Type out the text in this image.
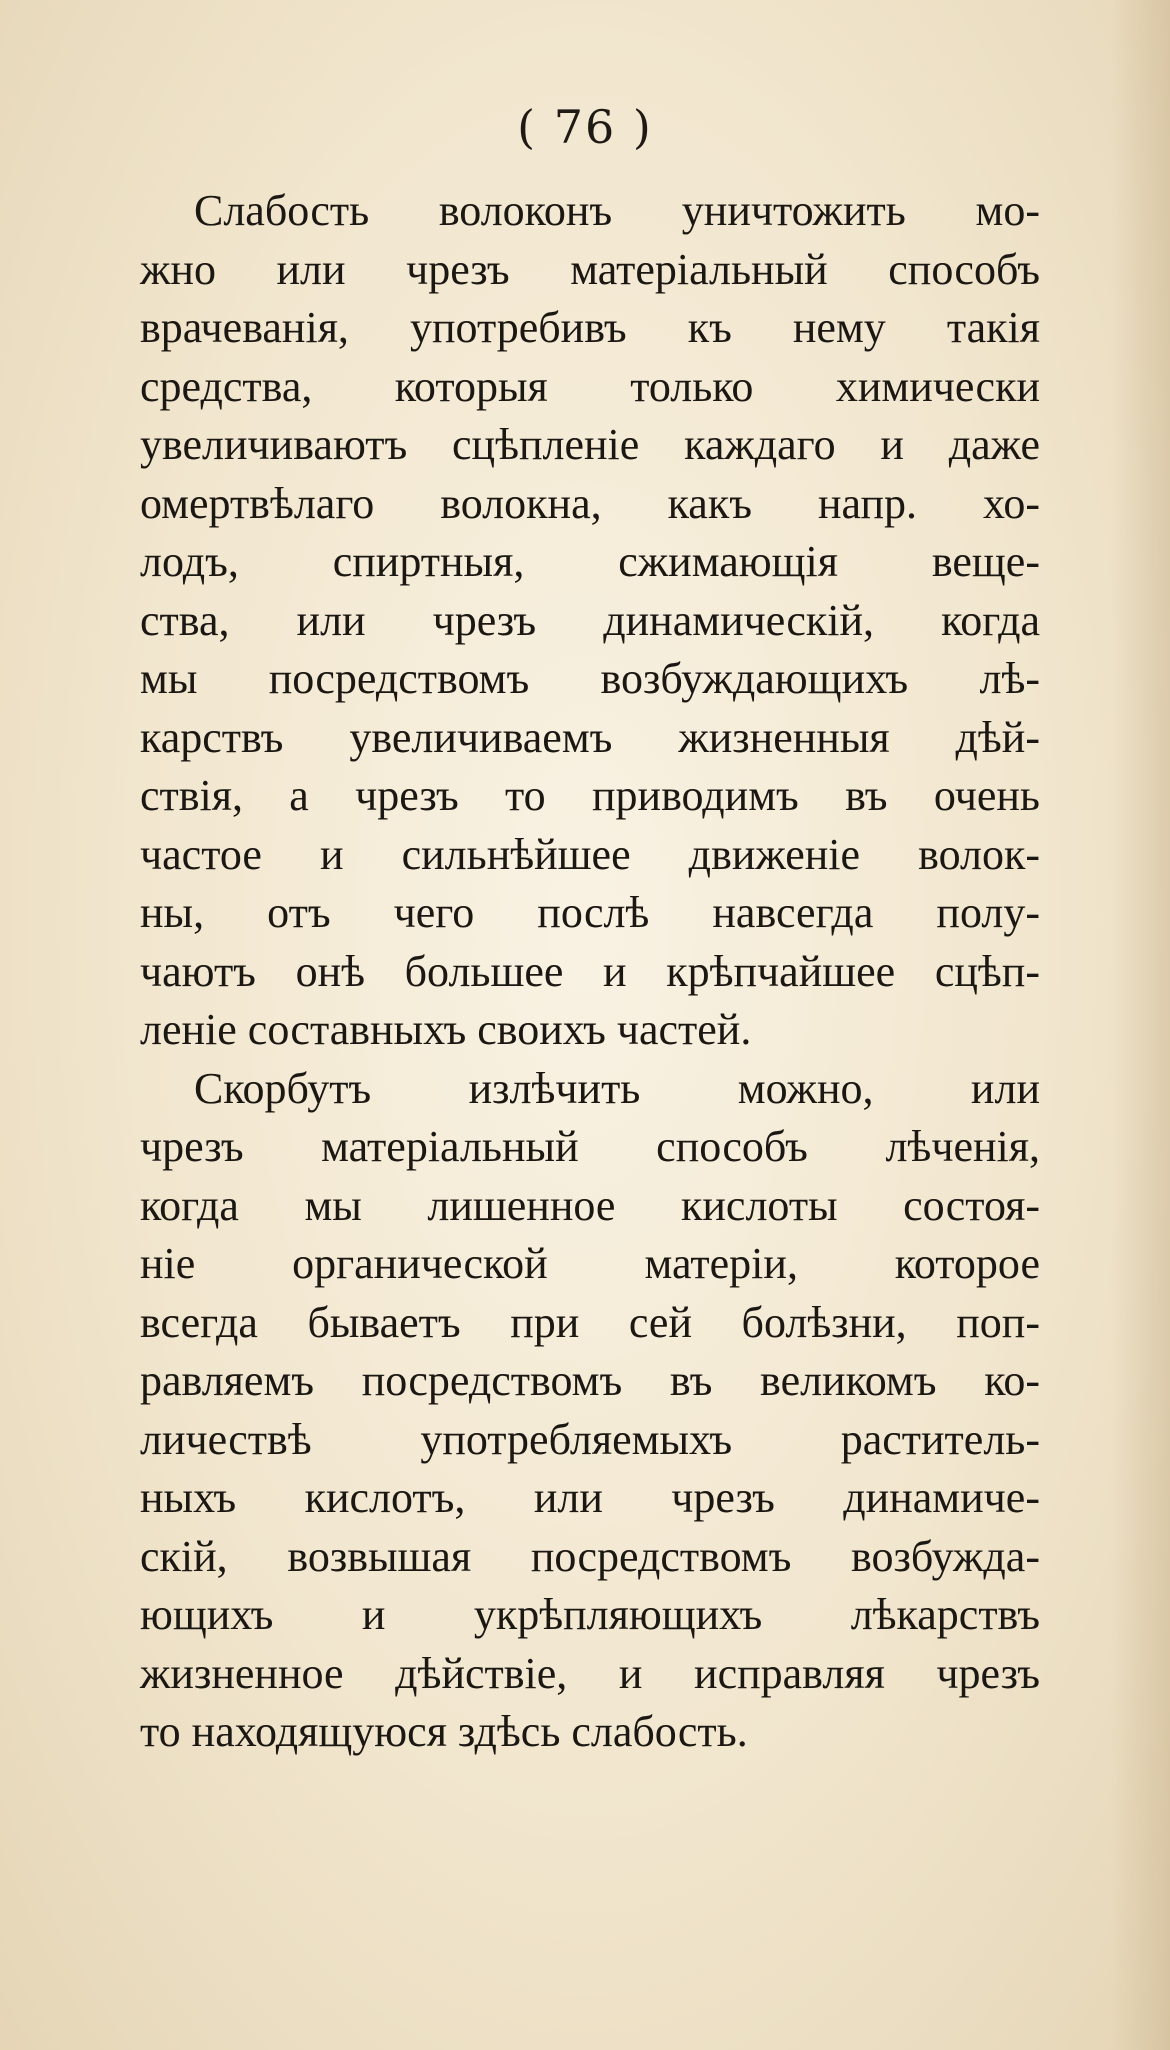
( 76 )
Слабость волоконъ уничтожить мо-
жно или чрезъ матеріальный способъ
врачеванія, употребивъ къ нему такія
средства, которыя только химически
увеличиваютъ сцѣпленіе каждаго и даже
омертвѣлаго волокна, какъ напр. хо-
лодъ, спиртныя, сжимающія веще-
ства, или чрезъ динамическій, когда
мы посредствомъ возбуждающихъ лѣ-
карствъ увеличиваемъ жизненныя дѣй-
ствія, а чрезъ то приводимъ въ очень
частое и сильнѣйшее движеніе волок-
ны, отъ чего послѣ навсегда полу-
чаютъ онѣ большее и крѣпчайшее сцѣп-
леніе составныхъ своихъ частей.
Скорбутъ излѣчить можно, или
чрезъ матеріальный способъ лѣченія,
когда мы лишенное кислоты состоя-
ніе органической матеріи, которое
всегда бываетъ при сей болѣзни, поп-
равляемъ посредствомъ въ великомъ ко-
личествѣ употребляемыхъ раститель-
ныхъ кислотъ, или чрезъ динамиче-
скій, возвышая посредствомъ возбужда-
ющихъ и укрѣпляющихъ лѣкарствъ
жизненное дѣйствіе, и исправляя чрезъ
то находящуюся здѣсь слабость.
